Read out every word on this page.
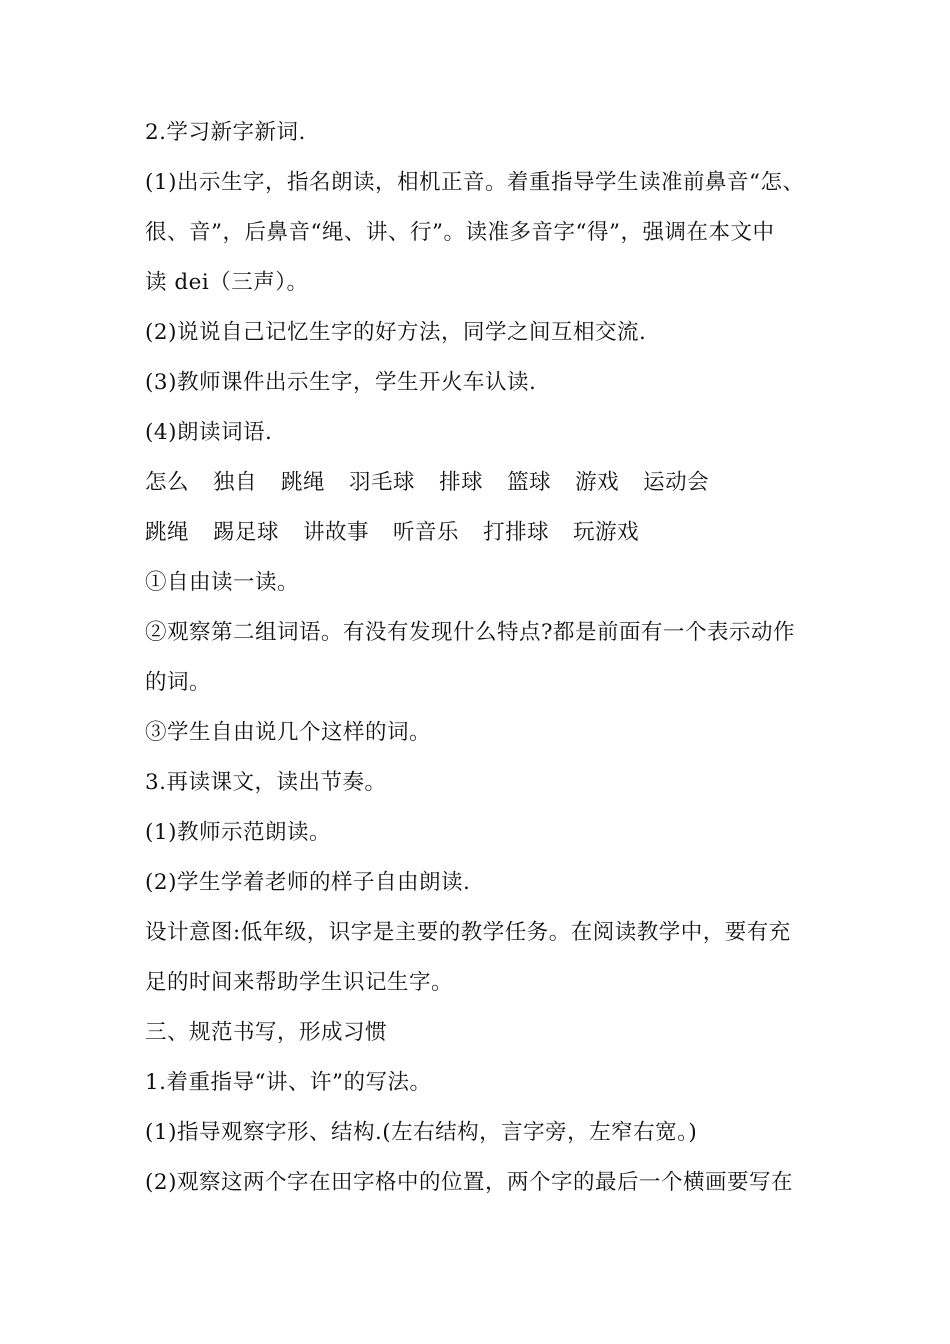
2.学习新字新词.
(1)出示生字，指名朗读，相机正音。着重指导学生读准前鼻音“怎、
很、音”，后鼻音“绳、讲、行”。读准多音字“得”，强调在本文中
读 dei（三声）。
(2)说说自己记忆生字的好方法，同学之间互相交流.
(3)教师课件出示生字，学生开火车认读.
(4)朗读词语.
怎么 独自 跳绳 羽毛球 排球 篮球 游戏 运动会
跳绳 踢足球 讲故事 听音乐 打排球 玩游戏
①自由读一读。
②观察第二组词语。有没有发现什么特点?都是前面有一个表示动作
的词。
③学生自由说几个这样的词。
3.再读课文，读出节奏。
(1)教师示范朗读。
(2)学生学着老师的样子自由朗读.
设计意图:低年级，识字是主要的教学任务。在阅读教学中，要有充
足的时间来帮助学生识记生字。
三、规范书写，形成习惯
1.着重指导“讲、许”的写法。
(1)指导观察字形、结构.(左右结构，言字旁，左窄右宽。)
(2)观察这两个字在田字格中的位置，两个字的最后一个横画要写在
